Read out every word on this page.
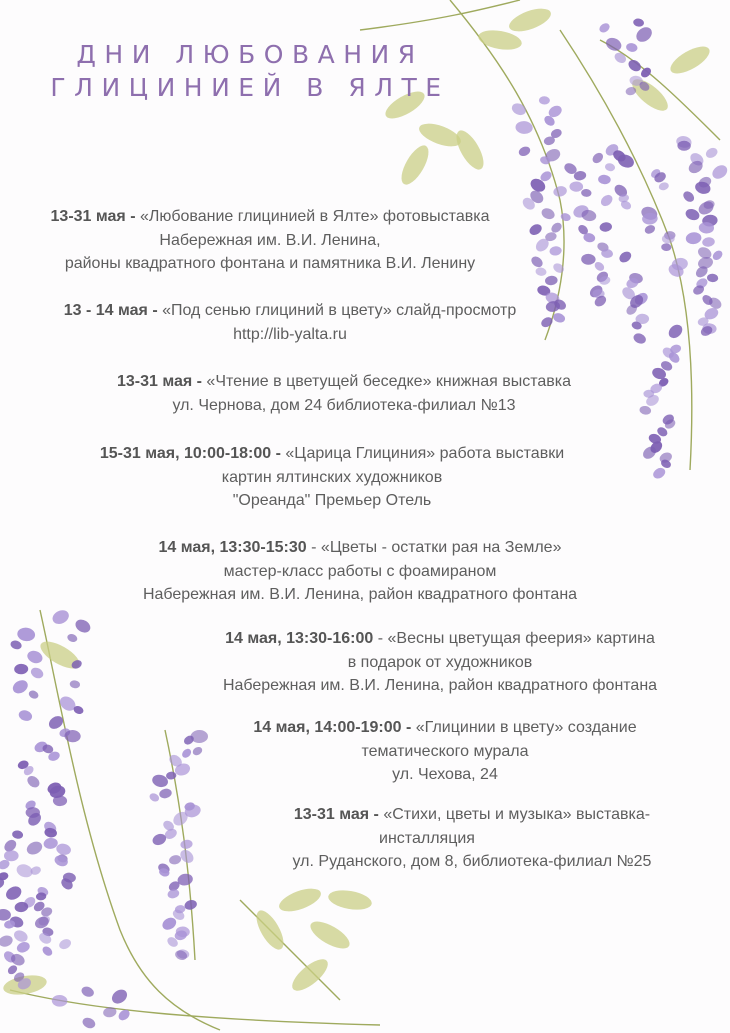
ДНИ ЛЮБОВАНИЯ
ГЛИЦИНИЕЙ В ЯЛТЕ
13-31 мая - «Любование глицинией в Ялте» фотовыставка
Набережная им. В.И. Ленина,
районы квадратного фонтана и памятника В.И. Ленину
13 - 14 мая - «Под сенью глициний в цвету» слайд-просмотр
http://lib-yalta.ru
13-31 мая - «Чтение в цветущей беседке» книжная выставка
ул. Чернова, дом 24 библиотека-филиал №13
15-31 мая, 10:00-18:00 - «Царица Глициния» работа выставки
картин ялтинских художников
"Ореанда" Премьер Отель
14 мая, 13:30-15:30 - «Цветы - остатки рая на Земле»
мастер-класс работы с фоамираном
Набережная им. В.И. Ленина, район квадратного фонтана
14 мая, 13:30-16:00 - «Весны цветущая феерия» картина
в подарок от художников
Набережная им. В.И. Ленина, район квадратного фонтана
14 мая, 14:00-19:00 - «Глицинии в цвету» создание
тематического мурала
ул. Чехова, 24
13-31 мая - «Стихи, цветы и музыка» выставка-
инсталляция
ул. Руданского, дом 8, библиотека-филиал №25
